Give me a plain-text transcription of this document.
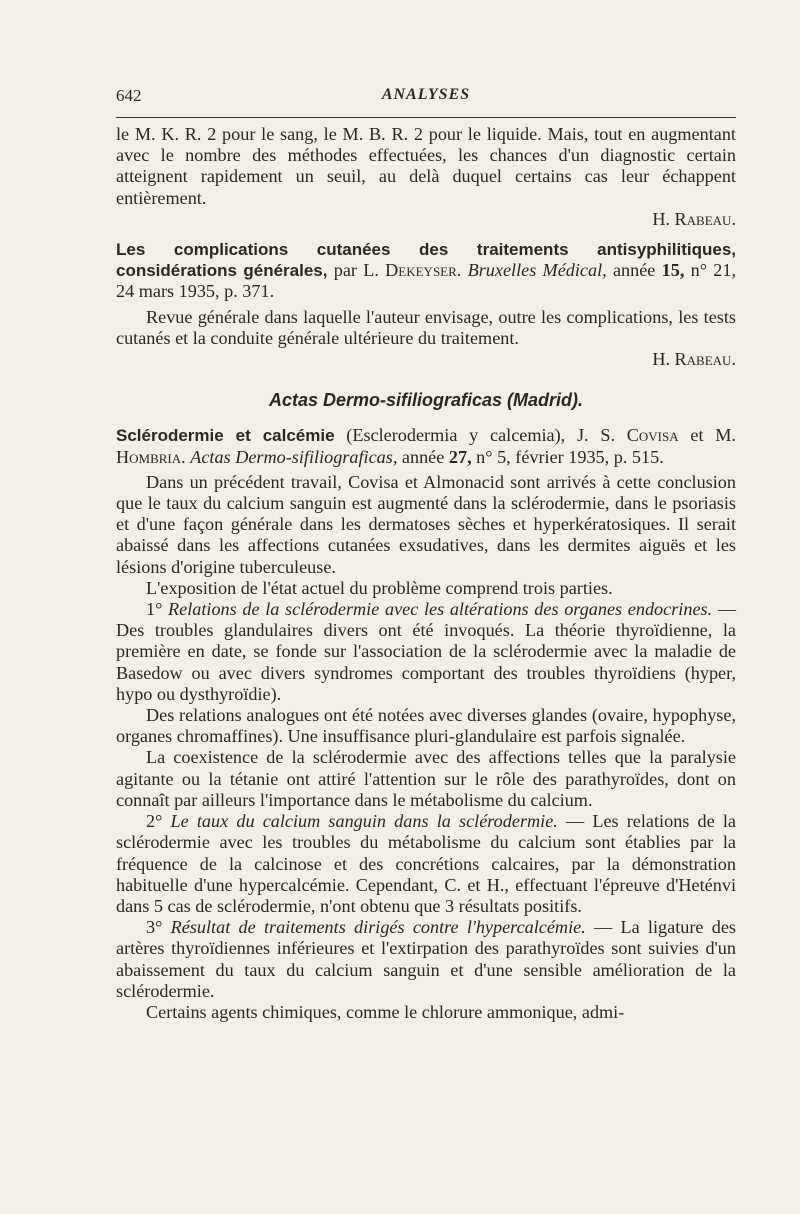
642	ANALYSES

le M. K. R. 2 pour le sang, le M. B. R. 2 pour le liquide. Mais, tout en augmentant avec le nombre des méthodes effectuées, les chances d'un diagnostic certain atteignent rapidement un seuil, au delà duquel certains cas leur échappent entièrement.

H. Rabeau.

Les complications cutanées des traitements antisyphilitiques, considérations générales, par L. Dekeyser. Bruxelles Médical, année 15, n° 21, 24 mars 1935, p. 371.

Revue générale dans laquelle l'auteur envisage, outre les complications, les tests cutanés et la conduite générale ultérieure du traitement.

H. Rabeau.
Actas Dermo-sifiliograficas (Madrid).

Sclérodermie et calcémie (Esclerodermia y calcemia), J. S. Covisa et M. Hombria. Actas Dermo-sifiliograficas, année 27, n° 5, février 1935, p. 515.

Dans un précédent travail, Covisa et Almonacid sont arrivés à cette conclusion que le taux du calcium sanguin est augmenté dans la sclérodermie, dans le psoriasis et d'une façon générale dans les dermatoses sèches et hyperkératosiques. Il serait abaissé dans les affections cutanées exsudatives, dans les dermites aiguës et les lésions d'origine tuberculeuse.

L'exposition de l'état actuel du problème comprend trois parties.

1° Relations de la sclérodermie avec les altérations des organes endocrines. — Des troubles glandulaires divers ont été invoqués. La théorie thyroïdienne, la première en date, se fonde sur l'association de la sclérodermie avec la maladie de Basedow ou avec divers syndromes comportant des troubles thyroïdiens (hyper, hypo ou dysthyroïdie).

Des relations analogues ont été notées avec diverses glandes (ovaire, hypophyse, organes chromaffines). Une insuffisance pluri-glandulaire est parfois signalée.

La coexistence de la sclérodermie avec des affections telles que la paralysie agitante ou la tétanie ont attiré l'attention sur le rôle des parathyroïdes, dont on connaît par ailleurs l'importance dans le métabolisme du calcium.

2° Le taux du calcium sanguin dans la sclérodermie. — Les relations de la sclérodermie avec les troubles du métabolisme du calcium sont établies par la fréquence de la calcinose et des concrétions calcaires, par la démonstration habituelle d'une hypercalcémie. Cependant, C. et H., effectuant l'épreuve d'Heténvi dans 5 cas de sclérodermie, n'ont obtenu que 3 résultats positifs.

3° Résultat de traitements dirigés contre l'hypercalcémie. — La ligature des artères thyroïdiennes inférieures et l'extirpation des parathyroïdes sont suivies d'un abaissement du taux du calcium sanguin et d'une sensible amélioration de la sclérodermie.

Certains agents chimiques, comme le chlorure ammonique, admi-
